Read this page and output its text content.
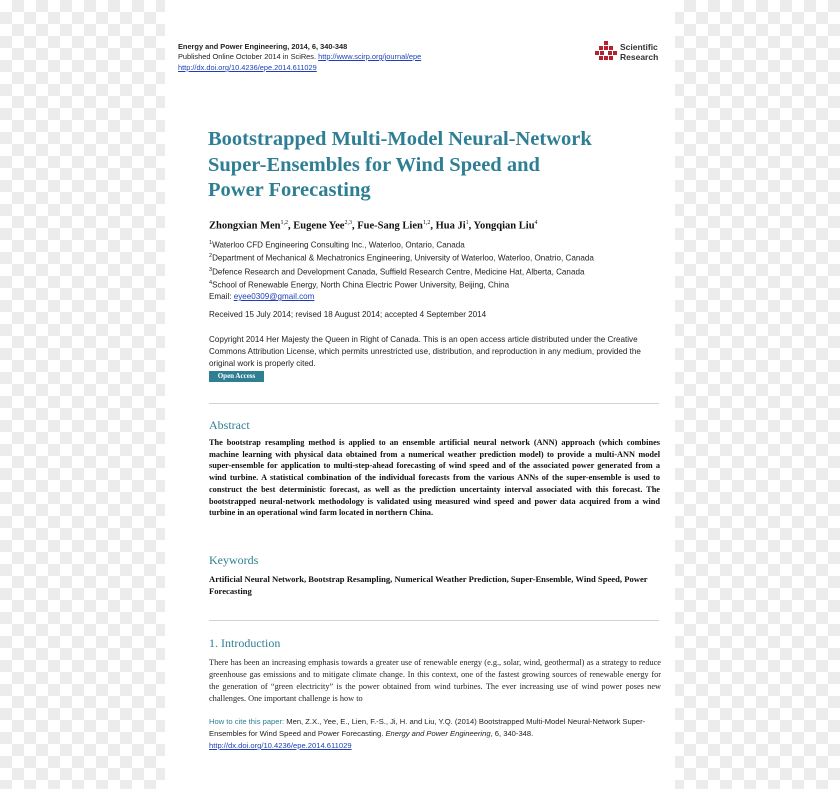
Energy and Power Engineering, 2014, 6, 340-348
Published Online October 2014 in SciRes. http://www.scirp.org/journal/epe
http://dx.doi.org/10.4236/epe.2014.611029
Scientific
Research
Bootstrapped Multi-Model Neural-Network
Super-Ensembles for Wind Speed and
Power Forecasting
Zhongxian Men$^{1,2}$, Eugene Yee$^{2,3}$, Fue-Sang Lien$^{1,2}$, Hua Ji$^1$, Yongqian Liu$^4$
$^1$Waterloo CFD Engineering Consulting Inc., Waterloo, Ontario, Canada
$^2$Department of Mechanical & Mechatronics Engineering, University of Waterloo, Waterloo, Onatrio, Canada
$^3$Defence Research and Development Canada, Suffield Research Centre, Medicine Hat, Alberta, Canada
$^4$School of Renewable Energy, North China Electric Power University, Beijing, China
Email: eyee0309@gmail.com
Received 15 July 2014; revised 18 August 2014; accepted 4 September 2014
Copyright 2014 Her Majesty the Queen in Right of Canada. This is an open access article distributed under the Creative Commons Attribution License, which permits unrestricted use, distribution, and reproduction in any medium, provided the original work is properly cited.
Open Access
Abstract
The bootstrap resampling method is applied to an ensemble artificial neural network (ANN) approach (which combines machine learning with physical data obtained from a numerical weather prediction model) to provide a multi-ANN model super-ensemble for application to multi-step-ahead forecasting of wind speed and of the associated power generated from a wind turbine. A statistical combination of the individual forecasts from the various ANNs of the super-ensemble is used to construct the best deterministic forecast, as well as the prediction uncertainty interval associated with this forecast. The bootstrapped neural-network methodology is validated using measured wind speed and power data acquired from a wind turbine in an operational wind farm located in northern China.
Keywords
Artificial Neural Network, Bootstrap Resampling, Numerical Weather Prediction, Super-Ensemble, Wind Speed, Power Forecasting
1. Introduction
There has been an increasing emphasis towards a greater use of renewable energy (e.g., solar, wind, geothermal) as a strategy to reduce greenhouse gas emissions and to mitigate climate change. In this context, one of the fastest growing sources of renewable energy for the generation of “green electricity” is the power obtained from wind turbines. The ever increasing use of wind power poses new challenges. One important challenge is how to
How to cite this paper: Men, Z.X., Yee, E., Lien, F.-S., Ji, H. and Liu, Y.Q. (2014) Bootstrapped Multi-Model Neural-Network Super-Ensembles for Wind Speed and Power Forecasting. Energy and Power Engineering, 6, 340-348.
http://dx.doi.org/10.4236/epe.2014.611029
